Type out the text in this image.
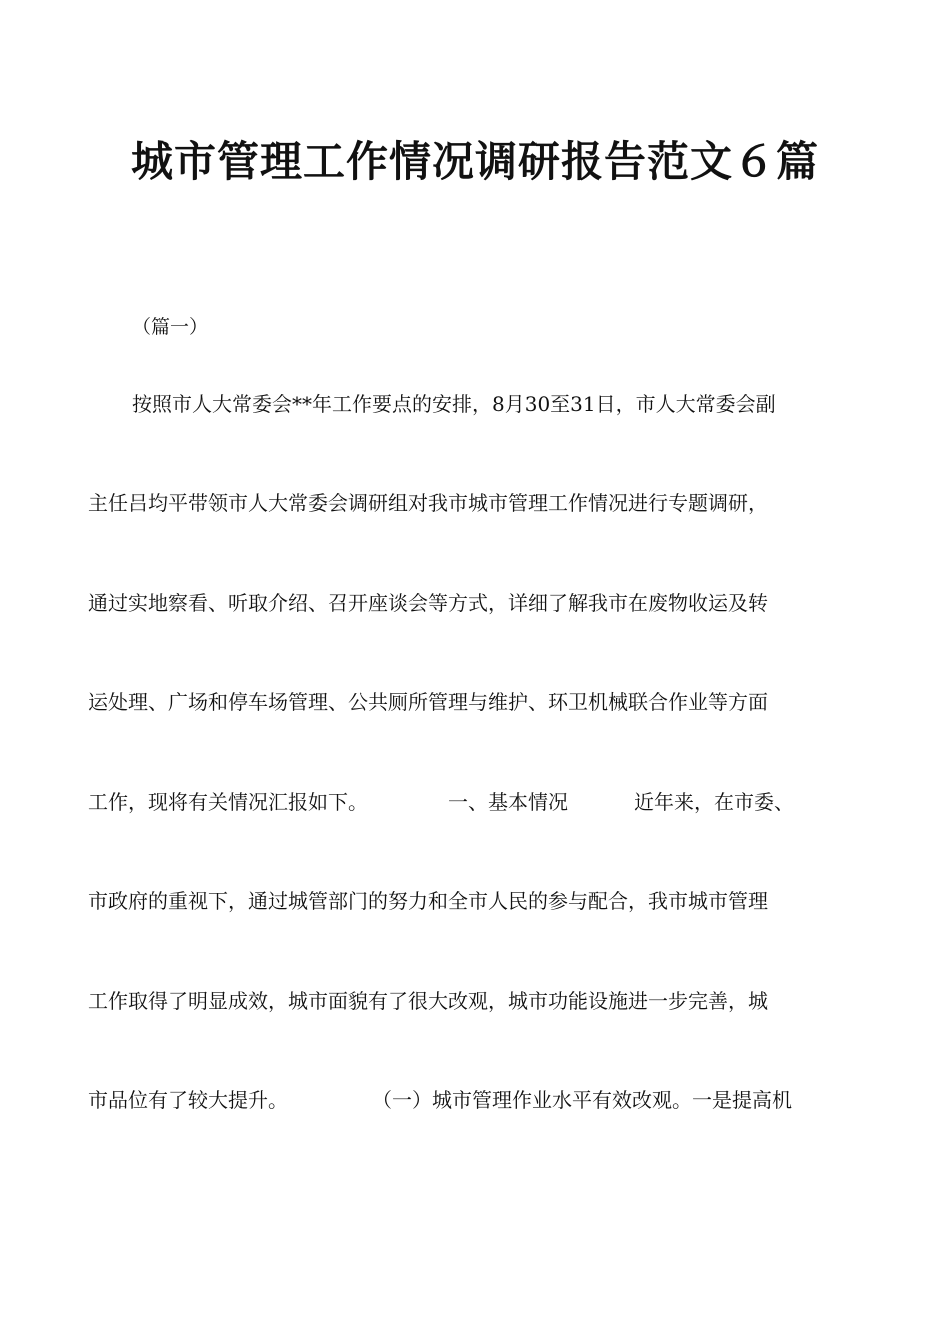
城市管理工作情况调研报告范文６篇
（篇一）
按照市人大常委会**年工作要点的安排，8月30至31日，市人大常委会副
主任吕均平带领市人大常委会调研组对我市城市管理工作情况进行专题调研，
通过实地察看、听取介绍、召开座谈会等方式，详细了解我市在废物收运及转
运处理、广场和停车场管理、公共厕所管理与维护、环卫机械联合作业等方面
工作，现将有关情况汇报如下。	一、基本情况	近年来，在市委、
市政府的重视下，通过城管部门的努力和全市人民的参与配合，我市城市管理
工作取得了明显成效，城市面貌有了很大改观，城市功能设施进一步完善，城
市品位有了较大提升。	（一）城市管理作业水平有效改观。一是提高机
